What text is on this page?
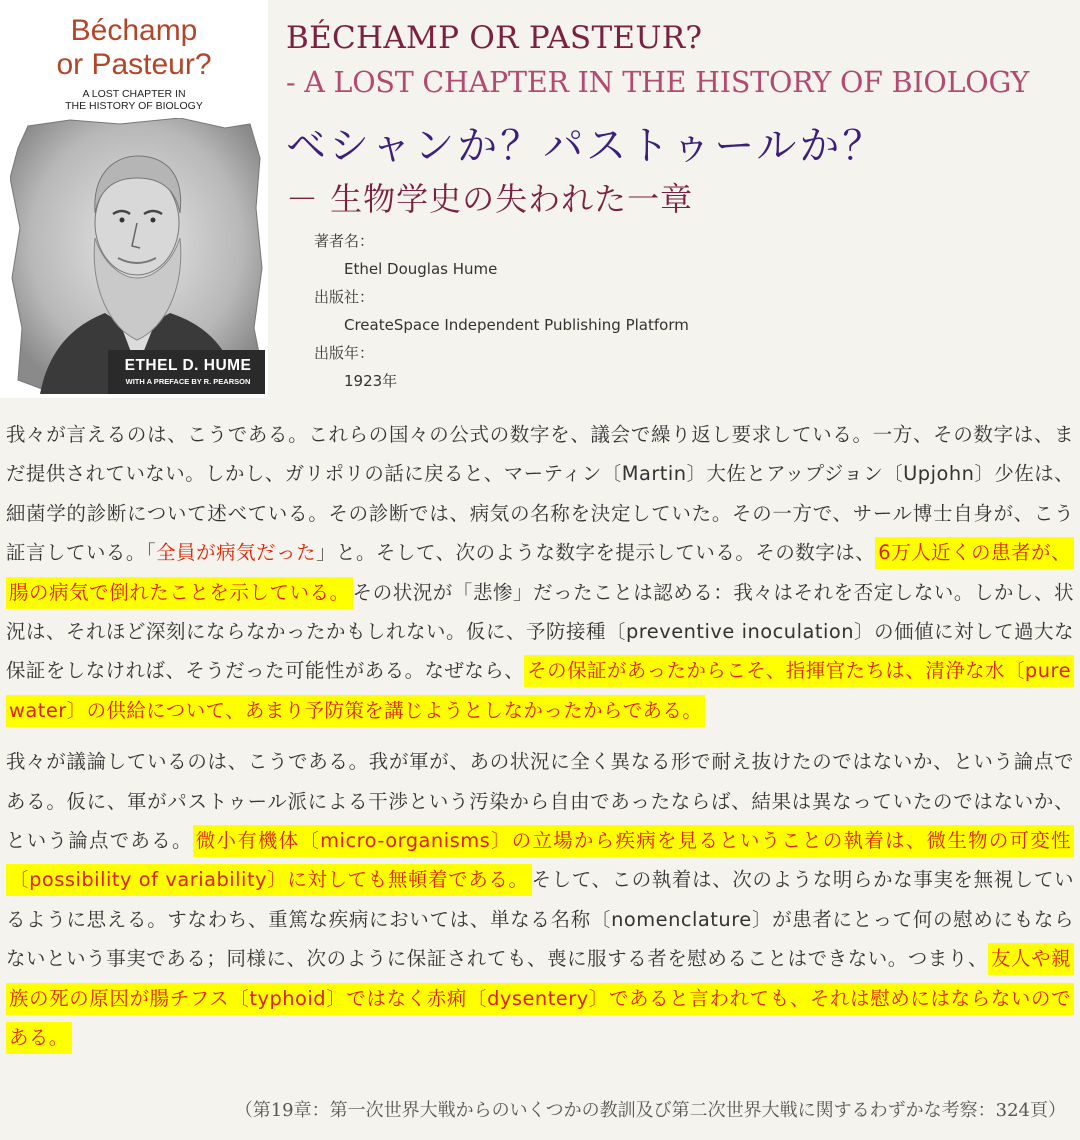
Béchamp
or Pasteur?
A LOST CHAPTER IN
THE HISTORY OF BIOLOGY
ETHEL D. HUME
WITH A PREFACE BY R. PEARSON
BÉCHAMP OR PASTEUR?
- A LOST CHAPTER IN THE HISTORY OF BIOLOGY
ベシャンか？パストゥールか？
－ 生物学史の失われた一章
著者名：
Ethel Douglas Hume
出版社：
CreateSpace Independent Publishing Platform
出版年：
1923年

我々が言えるのは、こうである。これらの国々の公式の数字を、議会で繰り返し要求している。一方、その数字は、まだ提供されていない。しかし、ガリポリの話に戻ると、マーティン〔Martin〕大佐とアップジョン〔Upjohn〕少佐は、細菌学的診断について述べている。その診断では、病気の名称を決定していた。その一方で、サール博士自身が、こう証言している。「全員が病気だった」と。そして、次のような数字を提示している。その数字は、 6万人近くの患者が、腸の病気で倒れたことを示している。 その状況が「悲惨」だったことは認める：我々はそれを否定しない。しかし、状況は、それほど深刻にならなかったかもしれない。仮に、予防接種〔preventive inoculation〕の価値に対して過大な保証をしなければ、そうだった可能性がある。なぜなら、 その保証があったからこそ、指揮官たちは、清浄な水〔pure water〕の供給について、あまり予防策を講じようとしなかったからである。

我々が議論しているのは、こうである。我が軍が、あの状況に全く異なる形で耐え抜けたのではないか、という論点である。仮に、軍がパストゥール派による干渉という汚染から自由であったならば、結果は異なっていたのではないか、という論点である。 微小有機体〔micro-organisms〕の立場から疾病を見るということの執着は、微生物の可変性〔possibility of variability〕に対しても無頓着である。 そして、この執着は、次のような明らかな事実を無視しているように思える。すなわち、重篤な疾病においては、単なる名称〔nomenclature〕が患者にとって何の慰めにもならないという事実である；同様に、次のように保証されても、喪に服する者を慰めることはできない。つまり、 友人や親族の死の原因が腸チフス〔typhoid〕ではなく赤痢〔dysentery〕であると言われても、それは慰めにはならないのである。

（第19章：第一次世界大戦からのいくつかの教訓及び第二次世界大戦に関するわずかな考察：324頁）
